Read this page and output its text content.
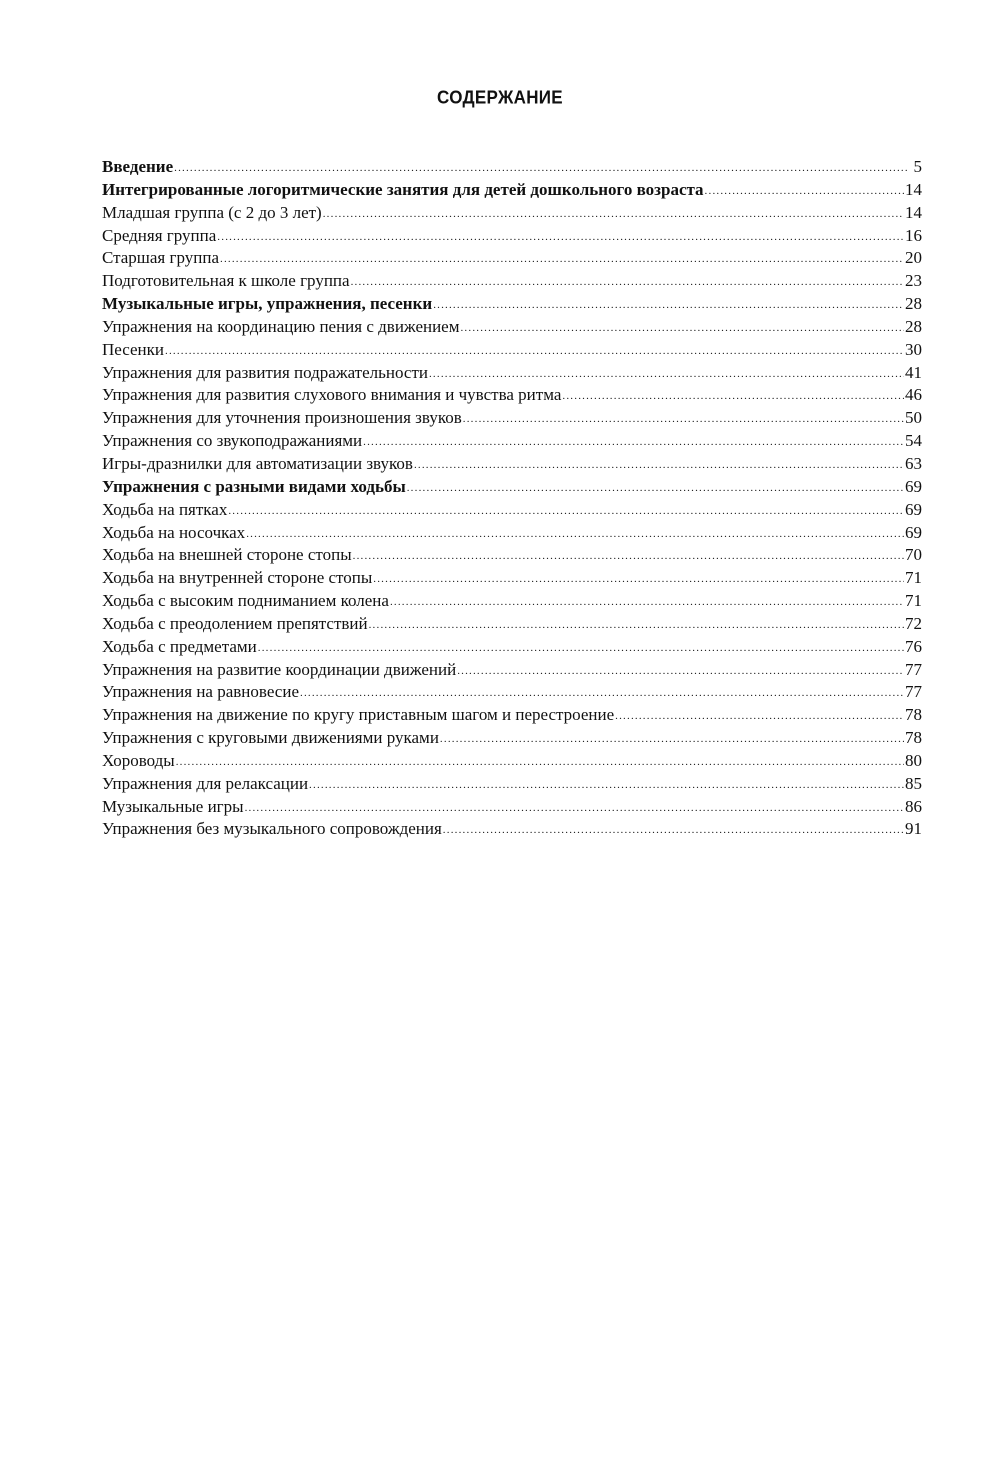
СОДЕРЖАНИЕ
Введение .....	5
Интегрированные логоритмические занятия для детей дошкольного возраста .....	14
Младшая группа (с 2 до 3 лет) .....	14
Средняя группа .....	16
Старшая группа .....	20
Подготовительная к школе группа .....	23
Музыкальные игры, упражнения, песенки .....	28
Упражнения на координацию пения с движением .....	28
Песенки .....	30
Упражнения для развития подражательности .....	41
Упражнения для развития слухового внимания и чувства ритма .....	46
Упражнения для уточнения произношения звуков .....	50
Упражнения со звукоподражаниями .....	54
Игры-дразнилки для автоматизации звуков .....	63
Упражнения с разными видами ходьбы .....	69
Ходьба на пятках .....	69
Ходьба на носочках .....	69
Ходьба на внешней стороне стопы .....	70
Ходьба на внутренней стороне стопы .....	71
Ходьба с высоким подниманием колена .....	71
Ходьба с преодолением препятствий .....	72
Ходьба с предметами .....	76
Упражнения на развитие координации движений .....	77
Упражнения на равновесие .....	77
Упражнения на движение по кругу приставным шагом и перестроение .....	78
Упражнения с круговыми движениями руками .....	78
Хороводы .....	80
Упражнения для релаксации .....	85
Музыкальные игры .....	86
Упражнения без музыкального сопровождения .....	91
